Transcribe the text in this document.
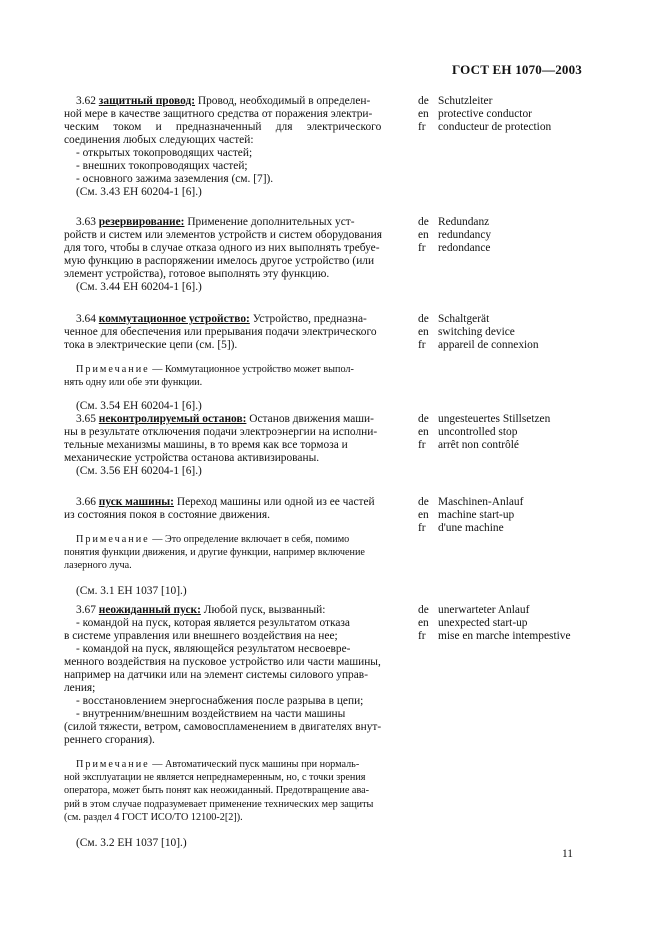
ГОСТ ЕН 1070—2003

3.62 защитный провод: Провод, необходимый в определен-

ной мере в качестве защитного средства от поражения электри-

ческим     током     и     предназначенный     для     электрического

соединения любых следующих частей:

- открытых токопроводящих частей;

- внешних токопроводящих частей;

- основного зажима заземления (см. [7]).

(См. 3.43 ЕН 60204-1 [6].)

de Schutzleiter
en protective conductor
fr conducteur de protection

3.63 резервирование: Применение дополнительных уст-

ройств и систем или элементов устройств и систем оборудования

для того, чтобы в случае отказа одного из них выполнять требуе-

мую функцию в распоряжении имелось другое устройство (или

элемент устройства), готовое выполнять эту функцию.

(См. 3.44 ЕН 60204-1 [6].)

de Redundanz
en redundancy
fr redondance

3.64 коммутационное устройство: Устройство, предназна-

ченное для обеспечения или прерывания подачи электрического

тока в электрические цепи (см. [5]).

Примечание — Коммутационное устройство может выпол-

нять одну или обе эти функции.

(См. 3.54 ЕН 60204-1 [6].)

de Schaltgerät
en switching device
fr appareil de connexion

3.65 неконтролируемый останов: Останов движения маши-

ны в результате отключения подачи электроэнергии на исполни-

тельные механизмы машины, в то время как все тормоза и

механические устройства останова активизированы.

(См. 3.56 ЕН 60204-1 [6].)

de ungesteuertes Stillsetzen
en uncontrolled stop
fr arrêt non contrôlé

3.66 пуск машины: Переход машины или одной из ее частей

из состояния покоя в состояние движения.

Примечание — Это определение включает в себя, помимо

понятия функции движения, и другие функции, например включение

лазерного луча.

(См. 3.1 ЕН 1037 [10].)

de Maschinen-Anlauf
en machine start-up
fr d'une machine

3.67 неожиданный пуск: Любой пуск, вызванный:

- командой на пуск, которая является результатом отказа

в системе управления или внешнего воздействия на нее;

- командой на пуск, являющейся результатом несвоевре-

менного воздействия на пусковое устройство или части машины,

например на датчики или на элемент системы силового управ-

ления;

- восстановлением энергоснабжения после разрыва в цепи;

- внутренним/внешним воздействием на части машины

(силой тяжести, ветром, самовоспламенением в двигателях внут-

реннего сгорания).

Примечание — Автоматический пуск машины при нормаль-

ной эксплуатации не является непреднамеренным, но, с точки зрения

оператора, может быть понят как неожиданный. Предотвращение ава-

рий в этом случае подразумевает применение технических мер защиты

(см. раздел 4 ГОСТ ИСО/ТО 12100-2[2]).

(См. 3.2 ЕН 1037 [10].)

de unerwarteter Anlauf
en unexpected start-up
fr mise en marche intempestive
11
